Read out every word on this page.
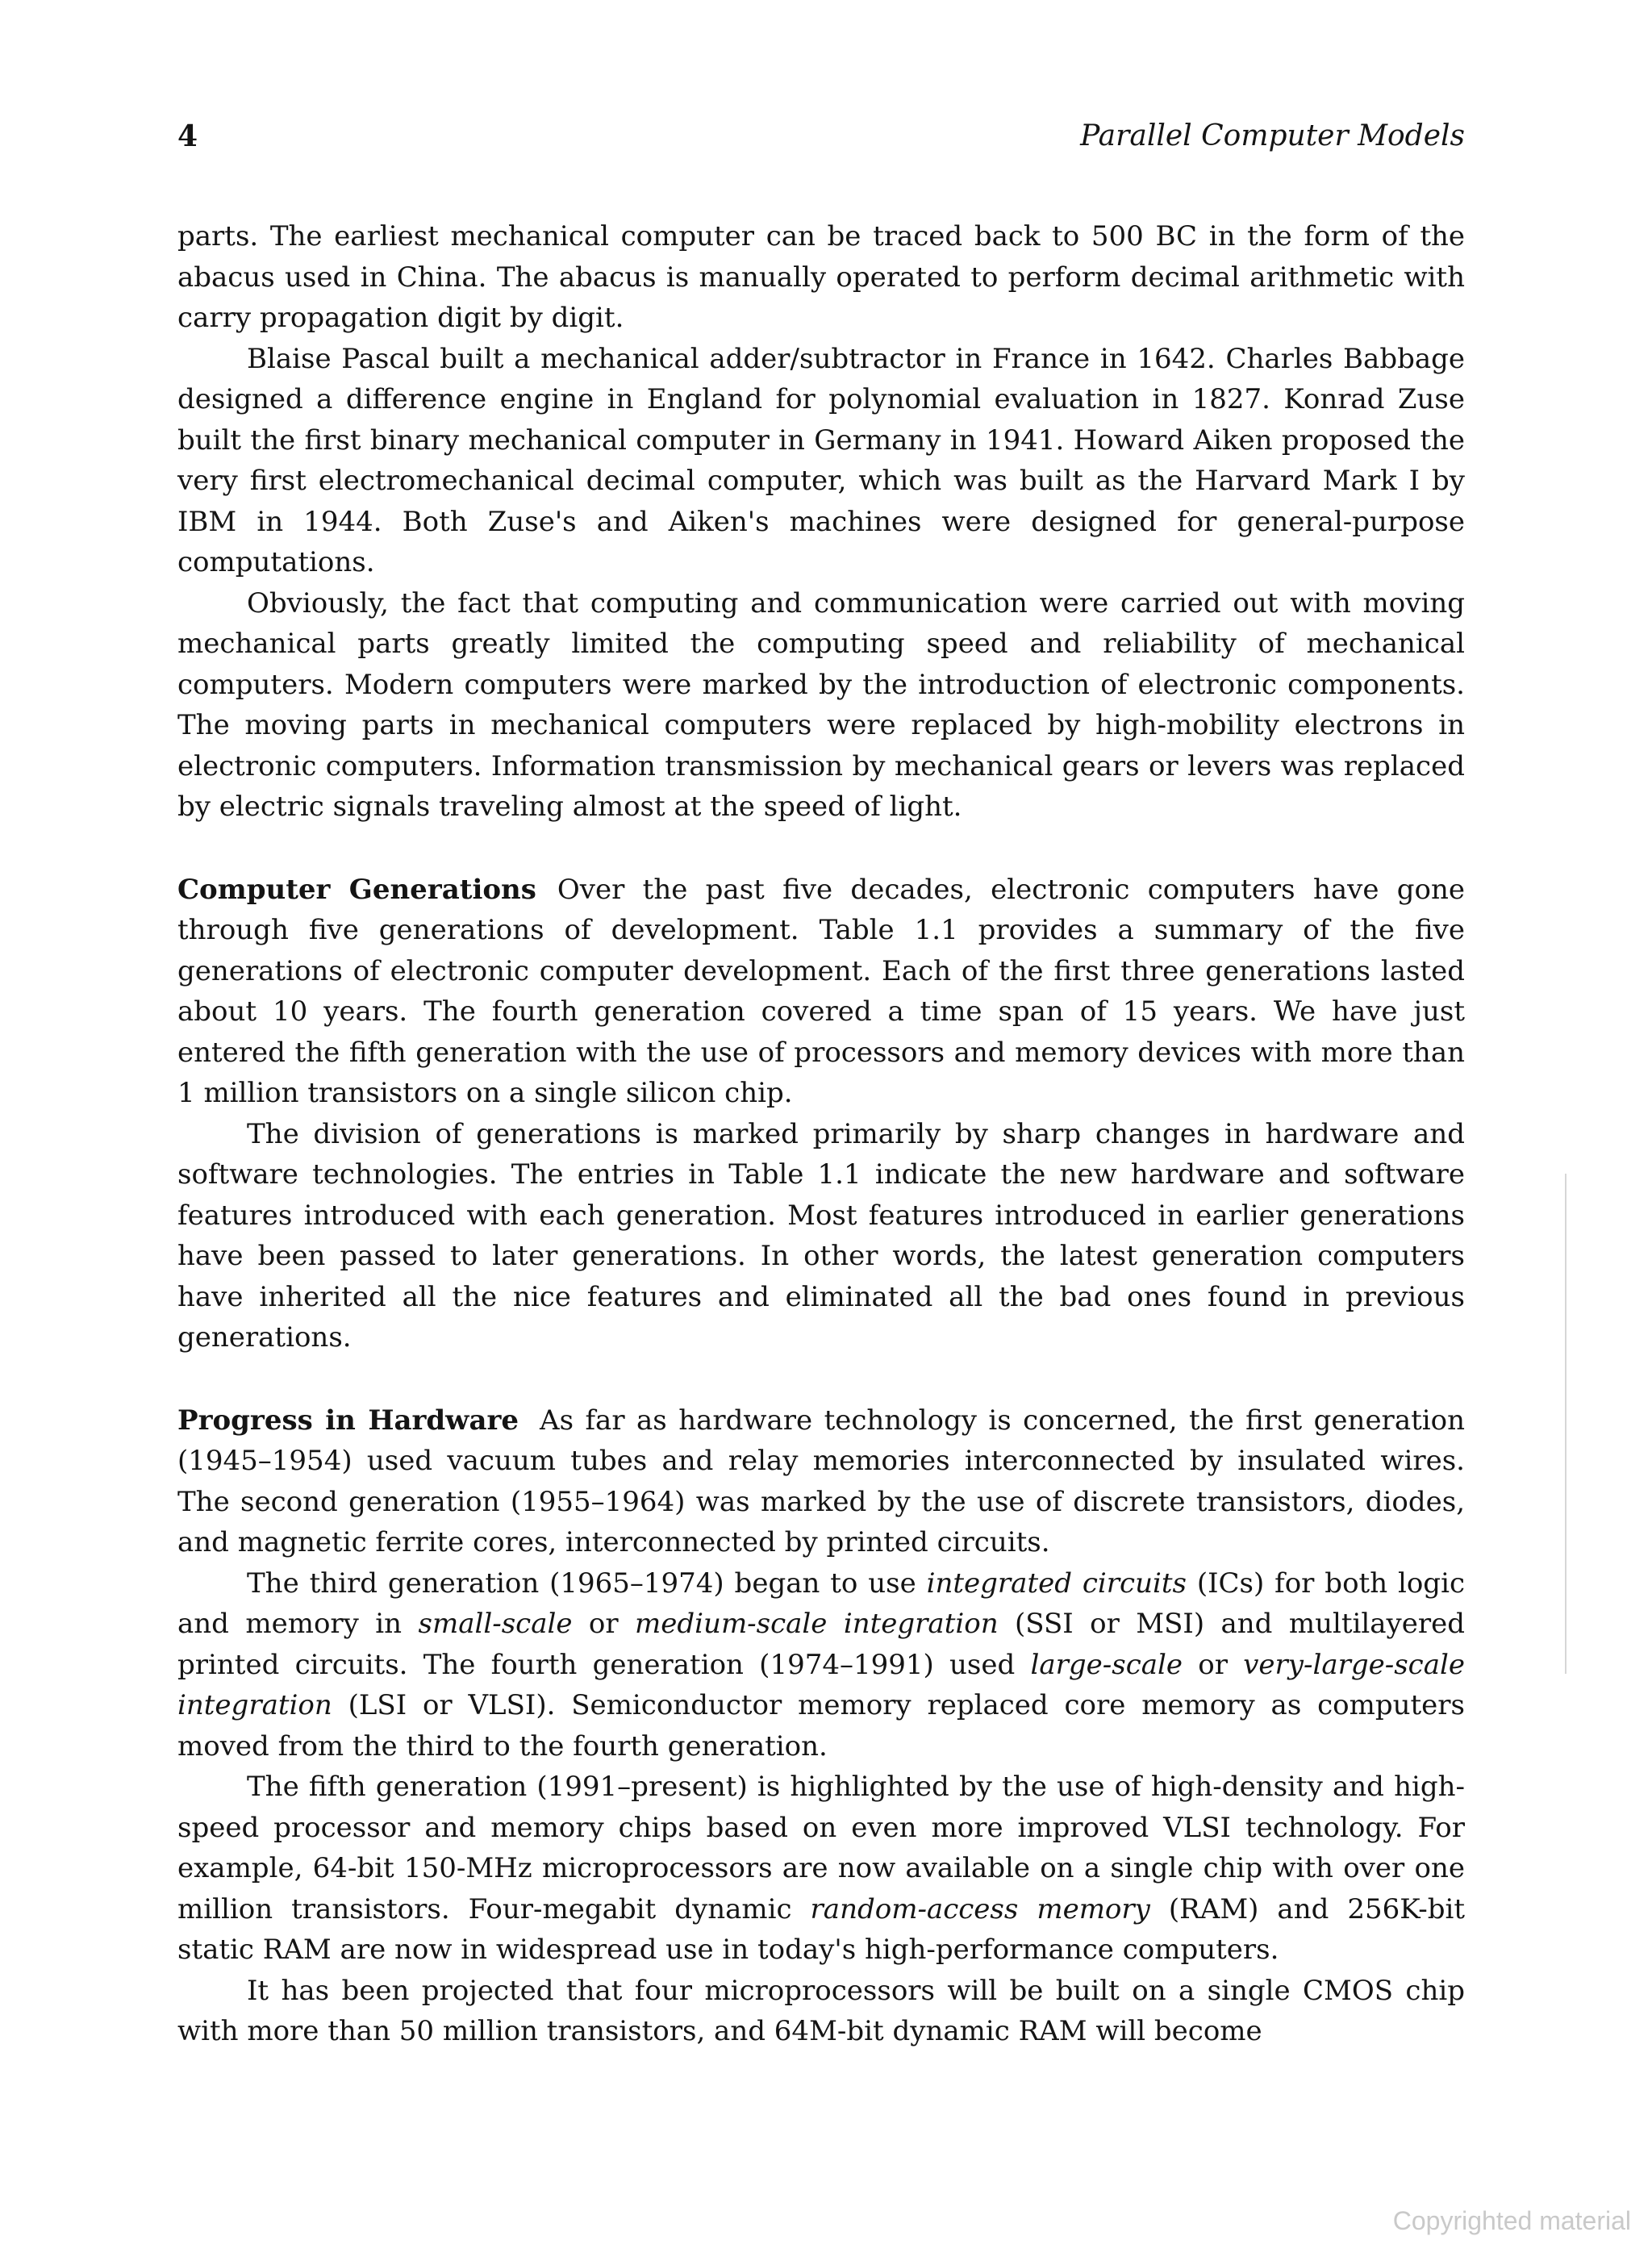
4	Parallel Computer Models

parts. The earliest mechanical computer can be traced back to 500 BC in the form of the abacus used in China. The abacus is manually operated to perform decimal arithmetic with carry propagation digit by digit.

Blaise Pascal built a mechanical adder/subtractor in France in 1642. Charles Babbage designed a difference engine in England for polynomial evaluation in 1827. Konrad Zuse built the first binary mechanical computer in Germany in 1941. Howard Aiken proposed the very first electromechanical decimal computer, which was built as the Harvard Mark I by IBM in 1944. Both Zuse's and Aiken's machines were designed for general-purpose computations.

Obviously, the fact that computing and communication were carried out with moving mechanical parts greatly limited the computing speed and reliability of mechanical computers. Modern computers were marked by the introduction of electronic components. The moving parts in mechanical computers were replaced by high-mobility electrons in electronic computers. Information transmission by mechanical gears or levers was replaced by electric signals traveling almost at the speed of light.

Computer Generations Over the past five decades, electronic computers have gone through five generations of development. Table 1.1 provides a summary of the five generations of electronic computer development. Each of the first three generations lasted about 10 years. The fourth generation covered a time span of 15 years. We have just entered the fifth generation with the use of processors and memory devices with more than 1 million transistors on a single silicon chip.

The division of generations is marked primarily by sharp changes in hardware and software technologies. The entries in Table 1.1 indicate the new hardware and software features introduced with each generation. Most features introduced in earlier generations have been passed to later generations. In other words, the latest generation computers have inherited all the nice features and eliminated all the bad ones found in previous generations.

Progress in Hardware As far as hardware technology is concerned, the first generation (1945–1954) used vacuum tubes and relay memories interconnected by insulated wires. The second generation (1955–1964) was marked by the use of discrete transistors, diodes, and magnetic ferrite cores, interconnected by printed circuits.

The third generation (1965–1974) began to use integrated circuits (ICs) for both logic and memory in small-scale or medium-scale integration (SSI or MSI) and multilayered printed circuits. The fourth generation (1974–1991) used large-scale or very-large-scale integration (LSI or VLSI). Semiconductor memory replaced core memory as computers moved from the third to the fourth generation.

The fifth generation (1991–present) is highlighted by the use of high-density and high-speed processor and memory chips based on even more improved VLSI technology. For example, 64-bit 150-MHz microprocessors are now available on a single chip with over one million transistors. Four-megabit dynamic random-access memory (RAM) and 256K-bit static RAM are now in widespread use in today's high-performance computers.

It has been projected that four microprocessors will be built on a single CMOS chip with more than 50 million transistors, and 64M-bit dynamic RAM will become

Copyrighted material
